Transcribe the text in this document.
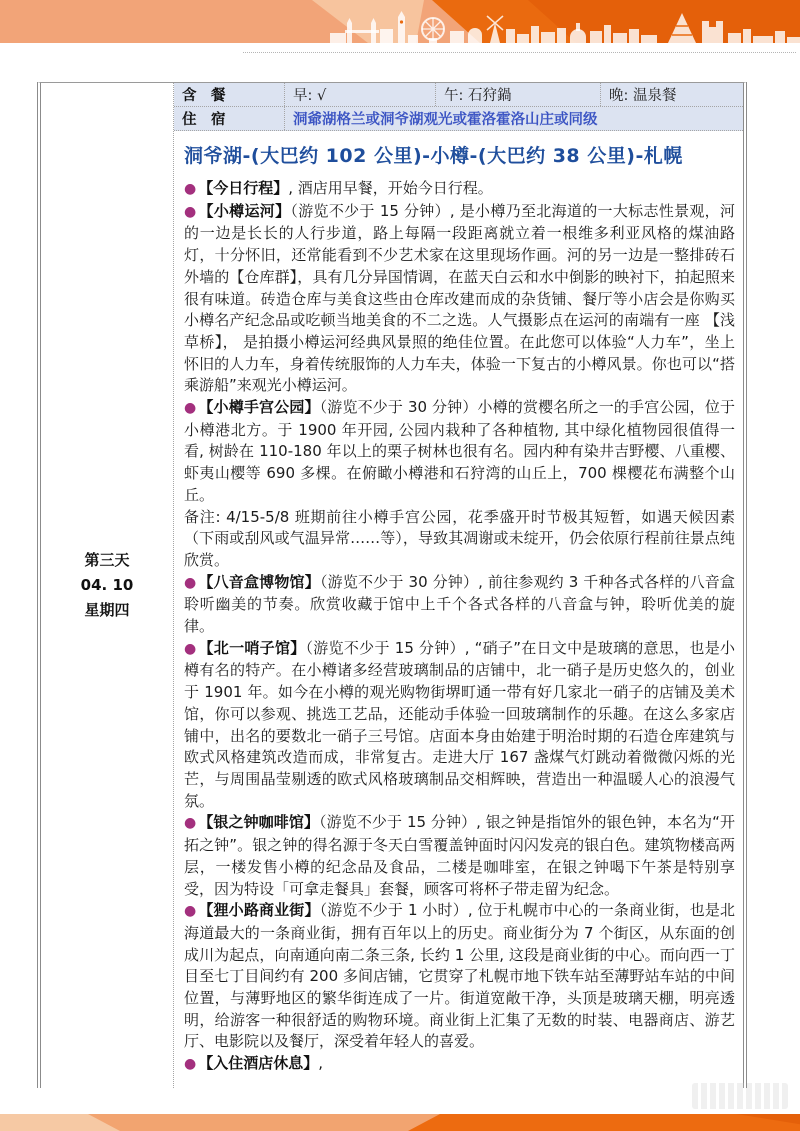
第三天
04. 10
星期四
含　餐	早: √	午: 石狩鍋	晚: 温泉餐
住　宿	洞爺湖格兰或洞爷湖观光或霍洛霍洛山庄或同级
洞爷湖-(大巴约 102 公里)-小樽-(大巴约 38 公里)-札幌

● 【今日行程】, 酒店用早餐，开始今日行程。

● 【小樽运河】（游览不少于 15 分钟）, 是小樽乃至北海道的一大标志性景观，河的一边是长长的人行步道，路上每隔一段距离就立着一根维多利亚风格的煤油路灯，十分怀旧，还常能看到不少艺术家在这里现场作画。河的另一边是一整排砖石外墙的【仓库群】，具有几分异国情调，在蓝天白云和水中倒影的映衬下，拍起照来很有味道。砖造仓库与美食这些由仓库改建而成的杂货铺、餐厅等小店会是你购买小樽名产纪念品或吃顿当地美食的不二之选。人气摄影点在运河的南端有一座 【浅草桥】， 是拍摄小樽运河经典风景照的绝佳位置。在此您可以体验“人力车”，坐上怀旧的人力车，身着传统服饰的人力车夫，体验一下复古的小樽风景。你也可以“搭乘游船”来观光小樽运河。

● 【小樽手宫公园】（游览不少于 30 分钟）小樽的赏樱名所之一的手宫公园，位于小樽港北方。于 1900 年开园, 公园内栽种了各种植物, 其中绿化植物园很值得一看, 树龄在 110-180 年以上的栗子树林也很有名。园内种有染井吉野樱、八重樱、虾夷山樱等 690 多棵。在俯瞰小樽港和石狩湾的山丘上，700 棵樱花布满整个山丘。

备注: 4/15-5/8 班期前往小樽手宫公园，花季盛开时节极其短暂，如遇天候因素（下雨或刮风或气温异常……等），导致其凋谢或未绽开，仍会依原行程前往景点纯欣赏。

● 【八音盒博物馆】（游览不少于 30 分钟）, 前往参观约 3 千种各式各样的八音盒聆听幽美的节奏。欣赏收藏于馆中上千个各式各样的八音盒与钟，聆听优美的旋律。

● 【北一哨子馆】（游览不少于 15 分钟）, “硝子”在日文中是玻璃的意思，也是小樽有名的特产。在小樽诸多经营玻璃制品的店铺中，北一硝子是历史悠久的，创业于 1901 年。如今在小樽的观光购物街堺町通一带有好几家北一硝子的店铺及美术馆，你可以参观、挑选工艺品，还能动手体验一回玻璃制作的乐趣。在这么多家店铺中，出名的要数北一硝子三号馆。店面本身由始建于明治时期的石造仓库建筑与欧式风格建筑改造而成，非常复古。走进大厅 167 盏煤气灯跳动着微微闪烁的光芒，与周围晶莹剔透的欧式风格玻璃制品交相辉映，营造出一种温暖人心的浪漫气氛。

● 【银之钟咖啡馆】（游览不少于 15 分钟）, 银之钟是指馆外的银色钟，本名为“开拓之钟”。银之钟的得名源于冬天白雪覆盖钟面时闪闪发亮的银白色。建筑物楼高两层，一楼发售小樽的纪念品及食品，二楼是咖啡室，在银之钟喝下午茶是特别享受，因为特设「可拿走餐具」套餐，顾客可将杯子带走留为纪念。

● 【狸小路商业街】（游览不少于 1 小时）, 位于札幌市中心的一条商业街，也是北海道最大的一条商业街，拥有百年以上的历史。商业街分为 7 个街区，从东面的创成川为起点，向南通向南二条三条, 长约 1 公里, 这段是商业街的中心。而向西一丁目至七丁目间约有 200 多间店铺，它贯穿了札幌市地下铁车站至薄野站车站的中间位置，与薄野地区的繁华街连成了一片。街道宽敞干净，头顶是玻璃天棚，明亮透明，给游客一种很舒适的购物环境。商业街上汇集了无数的时装、电器商店、游艺厅、电影院以及餐厅，深受着年轻人的喜爱。

● 【入住酒店休息】,
